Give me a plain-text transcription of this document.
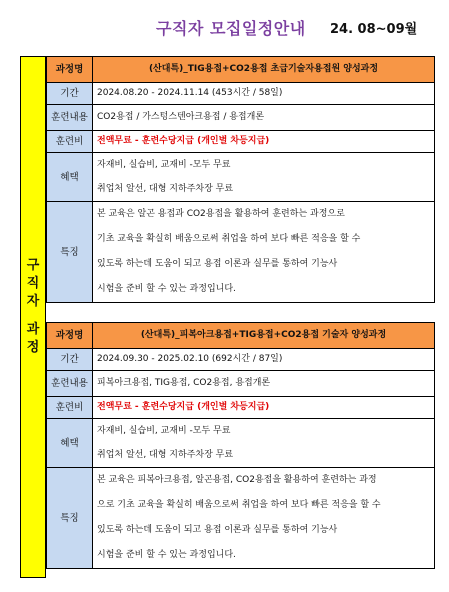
구직자 모집일정안내 24. 08~09월
구
직
자
과
정
과정명	(산대특)_TIG용접+CO2용접 초급기술자용접원 양성과정
기간	2024.08.20 - 2024.11.14 (453시간 / 58일)
훈련내용	CO2용접 / 가스텅스텐아크용접 / 용접개론
훈련비	전액무료 - 훈련수당지급 (개인별 차등지급)
혜택	자재비, 실습비, 교재비 -모두 무료
취업처 알선, 대형 지하주차장 무료

특징	본 교육은 알곤 용접과 CO2용접을 활용하여 훈련하는 과정으로
기초 교육을 확실히 배움으로써 취업을 하여 보다 빠른 적응을 할 수
있도록 하는데 도움이 되고 용접 이론과 실무를 통하여 기능사
시험을 준비 할 수 있는 과정입니다.
과정명	(산대특)_피복아크용접+TIG용접+CO2용접 기술자 양성과정
기간	2024.09.30 - 2025.02.10 (692시간 / 87일)
훈련내용	피복아크용접, TIG용접, CO2용접, 용접개론
훈련비	전액무료 - 훈련수당지급 (개인별 차등지급)
혜택	자재비, 실습비, 교재비 -모두 무료
취업처 알선, 대형 지하주차장 무료

특징	본 교육은 피복아크용접, 알곤용접, CO2용접을 활용하여 훈련하는 과정
으로 기초 교육을 확실히 배움으로써 취업을 하여 보다 빠른 적응을 할 수
있도록 하는데 도움이 되고 용접 이론과 실무를 통하여 기능사
시험을 준비 할 수 있는 과정입니다.
